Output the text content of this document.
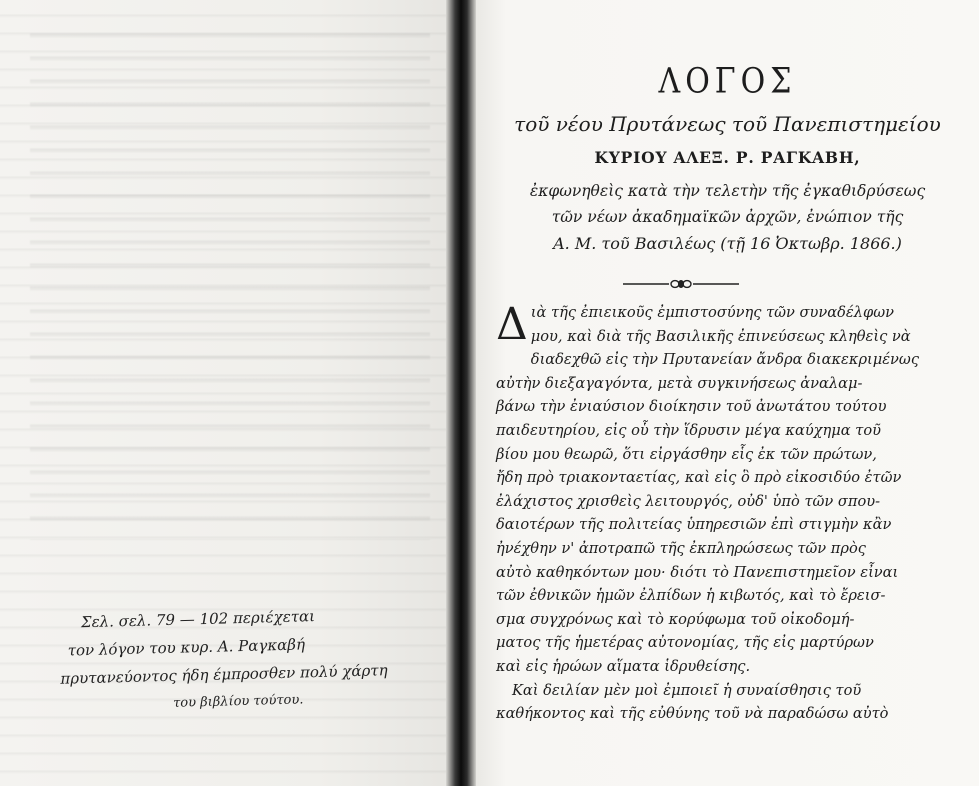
Σελ. σελ. 79 — 102 περιέχεται
τον λόγον του κυρ. Α. Ραγκαβή
πρυτανεύοντος ήδη έμπροσθεν πολύ χάρτη
του βιβλίου τούτου.
ΛΟΓΟΣ
τοῦ νέου Πρυτάνεως τοῦ Πανεπιστημείου
ΚΥΡΙΟΥ ΑΛΕΞ. Ρ. ΡΑΓΚΑΒΗ,
ἐκφωνηθεὶς κατὰ τὴν τελετὴν τῆς ἐγκαθιδρύσεως
τῶν νέων ἀκαδημαϊκῶν ἀρχῶν, ἐνώπιον τῆς
Α. Μ. τοῦ Βασιλέως (τῇ 16 Ὀκτωβρ. 1866.)
Δ ιὰ τῆς ἐπιεικοῦς ἐμπιστοσύνης τῶν συναδέλφων
μου, καὶ διὰ τῆς Βασιλικῆς ἐπινεύσεως κληθεὶς νὰ
διαδεχθῶ εἰς τὴν Πρυτανείαν ἄνδρα διακεκριμένως
αὐτὴν διεξαγαγόντα, μετὰ συγκινήσεως ἀναλαμ-
βάνω τὴν ἐνιαύσιον διοίκησιν τοῦ ἀνωτάτου τούτου
παιδευτηρίου, εἰς οὗ τὴν ἵδρυσιν μέγα καύχημα τοῦ
βίου μου θεωρῶ, ὅτι εἰργάσθην εἷς ἐκ τῶν πρώτων,
ἤδη πρὸ τριακονταετίας, καὶ εἰς ὃ πρὸ εἰκοσιδύο ἐτῶν
ἐλάχιστος χρισθεὶς λειτουργός, οὐδ' ὑπὸ τῶν σπου-
δαιοτέρων τῆς πολιτείας ὑπηρεσιῶν ἐπὶ στιγμὴν κἂν
ἠνέχθην ν' ἀποτραπῶ τῆς ἐκπληρώσεως τῶν πρὸς
αὐτὸ καθηκόντων μου· διότι τὸ Πανεπιστημεῖον εἶναι
τῶν ἐθνικῶν ἡμῶν ἐλπίδων ἡ κιβωτός, καὶ τὸ ἔρεισ-
σμα συγχρόνως καὶ τὸ κορύφωμα τοῦ οἰκοδομή-
ματος τῆς ἡμετέρας αὐτονομίας, τῆς εἰς μαρτύρων
καὶ εἰς ἡρώων αἵματα ἱδρυθείσης.
Καὶ δειλίαν μὲν μοὶ ἐμποιεῖ ἡ συναίσθησις τοῦ
καθήκοντος καὶ τῆς εὐθύνης τοῦ νὰ παραδώσω αὐτὸ
